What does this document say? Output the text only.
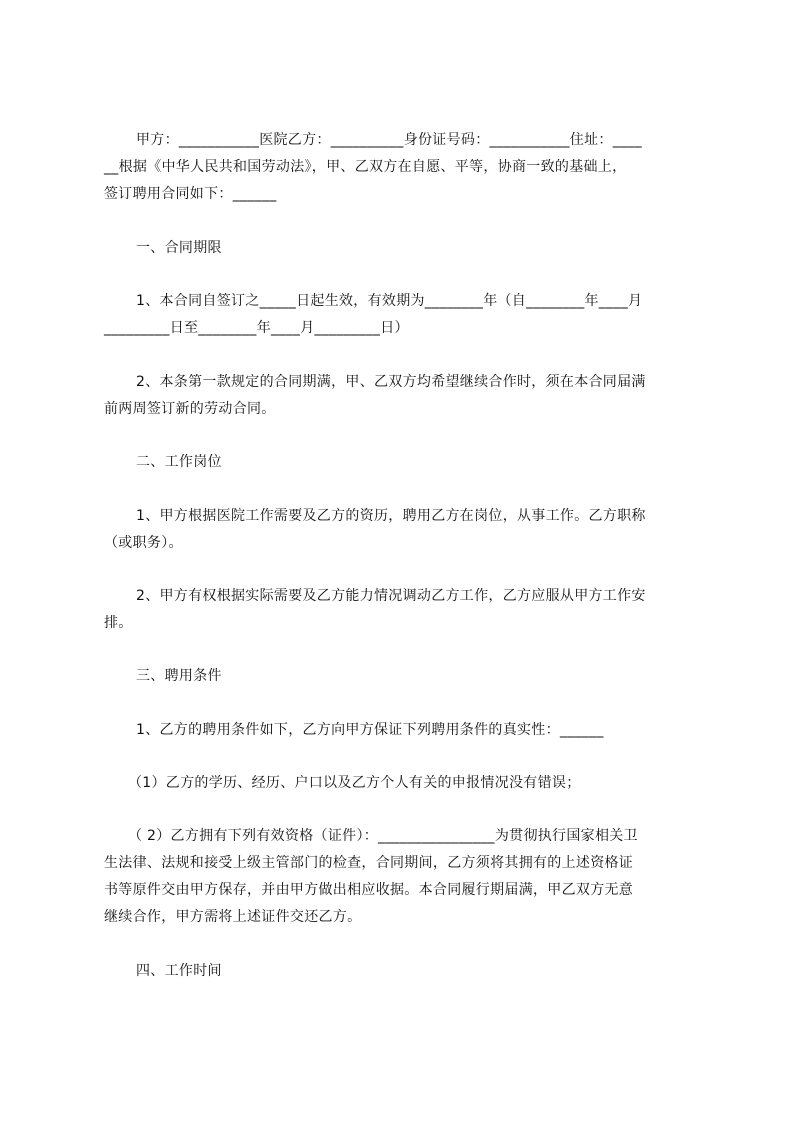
甲方：___________医院乙方：__________身份证号码：___________住址：____
__根据《中华人民共和国劳动法》，甲、乙双方在自愿、平等，协商一致的基础上，
签订聘用合同如下：______
一、合同期限
1、本合同自签订之_____日起生效，有效期为________年（自________年____月
_________日至________年____月_________日）
2、本条第一款规定的合同期满，甲、乙双方均希望继续合作时，须在本合同届满
前两周签订新的劳动合同。
二、工作岗位
1、甲方根据医院工作需要及乙方的资历，聘用乙方在岗位，从事工作。乙方职称
（或职务）。
2、甲方有权根据实际需要及乙方能力情况调动乙方工作，乙方应服从甲方工作安
排。
三、聘用条件
1、乙方的聘用条件如下，乙方向甲方保证下列聘用条件的真实性：______
（1）乙方的学历、经历、户口以及乙方个人有关的申报情况没有错误；
（ 2）乙方拥有下列有效资格（证件）：________________为贯彻执行国家相关卫
生法律、法规和接受上级主管部门的检查，合同期间，乙方须将其拥有的上述资格证
书等原件交由甲方保存，并由甲方做出相应收据。本合同履行期届满，甲乙双方无意
继续合作，甲方需将上述证件交还乙方。
四、工作时间
